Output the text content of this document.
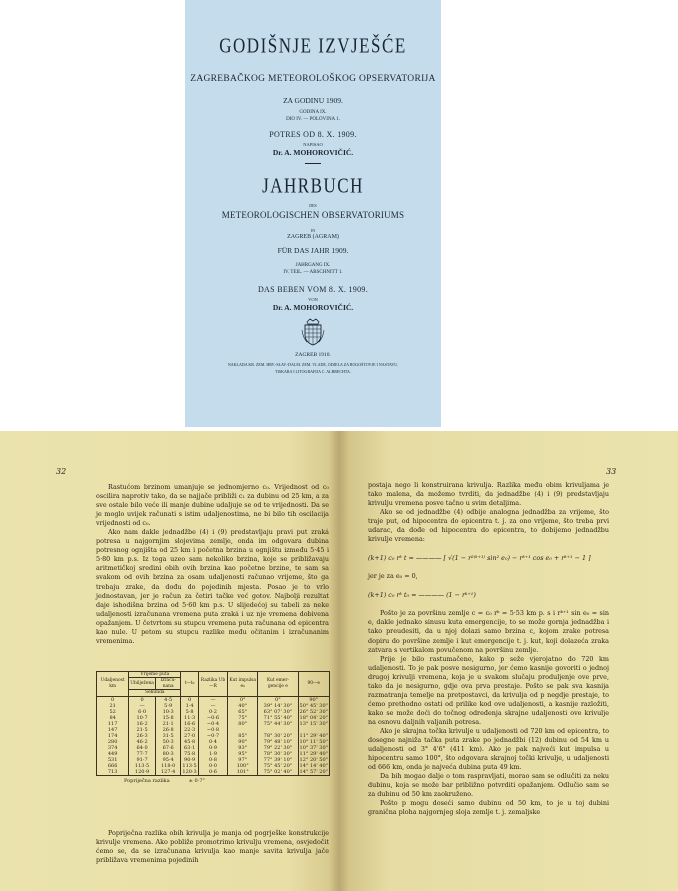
GODIŠNJE IZVJEŠĆE
ZAGREBAČKOG METEOROLOŠKOG OPSERVATORIJA
ZA GODINU 1909.
GODINA IX.
DIO IV. — POLOVINA 1.
POTRES OD 8. X. 1909.
NAPISAO
Dr. A. MOHOROVIČIĆ.
JAHRBUCH
DES
METEOROLOGISCHEN OBSERVATORIUMS
IN
ZAGREB (AGRAM)
FÜR DAS JAHR 1909.
JAHRGANG IX.
IV. TEIL. — ABSCHNITT 1.
DAS BEBEN VOM 8. X. 1909.
VON
Dr. A. MOHOROVIČIĆ.
ZAGREB 1910.
NAKLADA KR. ZEM. HRV.-SLAV.-DALM. ZEM. VLADE, ODJELA ZA BOGOŠTOVJE I NASTAVU.
TISKARA I LITOGRAFIJA C. ALBRECHTA.
32	33

Rastućom brzinom umanjuje se jednomjerno c₀. Vrijednost od c₀ oscilira naprotiv tako, da se najjače približi c₁ za dubinu od 25 km, a za sve ostale bilo veće ili manje dubine udaljuje se od te vrijednosti. Da se je moglo uvijek računati s istim udaljenostima, ne bi bilo tih oscilacija vrijednosti od c₀.

Ako nam dakle jednadžbe (4) i (9) predstavljaju pravi put zraká potresa u najgornjim slojevima zemlje, onda im odgovara dubina potresnog ognjišta od 25 km i početna brzina u ognjištu između 5·45 i 5·80 km p.s. Iz toga uzeo sam nekoliko brzina, koje se približavaju aritmetičkoj sredini obih ovih brzina kao početne brzine, te sam sa svakom od ovih brzina za osam udaljenosti računao vrijeme, što ga trebaju zrake, da dođu do pojedinih mjesta. Posao je to vrlo jednostavan, jer je račun za četiri tačke već gotov. Najbolji rezultat daje ishodišna brzina od 5·60 km p.s. U slijedećoj su tabeli za neke udaljenosti izračunana vremena puta zraká i uz nje vremena dobivena opažanjem. U četvrtom su stupcu vremena puta računana od epicentra kao nule. U petom su stupcu razlike među očitanim i izračunanim vremenima.

Udaljenost km	Vrijeme puta		t—t₀	Razlika Ub—R	Kut impulsa e₀	Kut emer-gencije e	90—e
	Ubilježena	Izraču-nana					
	Sekunda						
0	0	4·5	0	—	0°	0°	90°
21	—	5·9	1·4	—	40°	39° 14' 30"	50° 45' 30"
52	6·0	10·3	5·8	0·2	65°	63° 07' 30"	26° 52' 30"
84	10·7	15·8	11·3	−0·6	75°	71° 55' 40"	18° 04' 20"
117	16·2	21·1	16·6	−0·4	80°	75° 44' 30"	13° 15' 30"
147	21·5	26·8	22·3	−0·8			
174	26·3	31·5	27·0	−0·7	85°	78° 30' 20"	11° 29' 40"
280	46·2	50·3	45·8	0·4	90°	79° 48' 10"	10° 11' 50"
374	64·0	67·6	63·1	0·9	93°	79° 22' 30"	10° 37' 30"
449	77·7	80·3	75·8	1·9	95°	78° 30' 30"	11° 29' 40"
531	91·7	95·4	90·9	0·8	97°	77° 39' 10"	12° 20' 50"
666	113·5	118·0	113·5	0·0	100°	75° 45' 20"	14° 14' 40"
713	120·9	127·4	120·3	0·6	101°	75° 02' 40"	14° 57' 20"
Popriječna razlika	± 0·7"

Popriječna razlika obih krivulja je manja od pogrješke konstrukcije krivulje vremena. Ako pobliže promotrimo krivulju vremena, osvjedočit ćemo se, da se izračunana krivulja kao manje savita krivulja jače približava vremenima pojedinih

postaja nego li konstruirana krivulja. Razlika među obim krivuljama je tako malena, da možemo tvrditi, da jednadžbe (4) i (9) predstavljaju krivulju vremena posve tačno u svim detaljima.

Ako se od jednadžbe (4) odbije analogna jednadžba za vrijeme, što traje put, od hipocentra do epicentra t. j. za ono vrijeme, što treba prvi udarac, da dođe od hipocentra do epicentra, to dobijemo jednadžbu krivulje vremena:

(k+1) c₀ rᵏ t = ———— [ √(1 − r²⁽ᵏ⁺¹⁾ sin² e₀) − rᵏ⁺¹ cos e₀ + rᵏ⁺¹ − 1 ]

jer je za e₀ = 0,

(k+1) c₀ rᵏ t₀ = ———— (1 − rᵏ⁺¹)

Pošto je za površinu zemlje c = c₀ rᵏ = 5·53 km p. s i rᵏ⁺¹ sin e₀ = sin e, dakle jednako sinusu kuta emergencije, to se može gornja jednadžba i tako preudesiti, da u njoj dolazi samo brzina c, kojom zrake potresa dopiru do površine zemlje i kut emergencije t. j. kut, koji dolazeća zraka zatvara s vertikalom povučenom na površinu zemlje.

Prije je bilo rastumačeno, kako p seže vjerojatno do 720 km udaljenosti. To je pak posve nesigurno, jer ćemo kasnije govoriti o jednoj drugoj krivulji vremena, koja je u svakom slučaju produljenje ove prve, tako da je nesigurno, gdje ova prva prestaje. Pošto se pak sva kasnija razmatranja temelje na pretpostavci, da krivulja od p negdje prestaje, to ćemo prethodno ostati od prilike kod ove udaljenosti, a kasnije razložiti, kako se može doći do točnog određenja skrajne udaljenosti ove krivulje na osnovu daljnih valjanih potresa.

Ako je skrajna točka krivulje u udaljenosti od 720 km od epicentra, to dosegne najniža tačka puta zrake po jednadžbi (12) dubinu od 54 km u udaljenosti od 3° 4'6" (411 km). Ako je pak najveći kut impulsa u hipocentru samo 100°, što odgovara skrajnoj točki krivulje, u udaljenosti od 666 km, onda je najveća dubina puta 49 km.

Da bih mogao dalje o tom raspravljati, morao sam se odlučiti za neku dubinu, koja se može bar približno potvrditi opažanjem. Odlučio sam se za dubinu od 50 km zaokruženo.

Pošto p mogu doseći samo dubinu od 50 km, to je u toj dubini granična ploha najgornjeg sloja zemlje t. j. zemaljske
